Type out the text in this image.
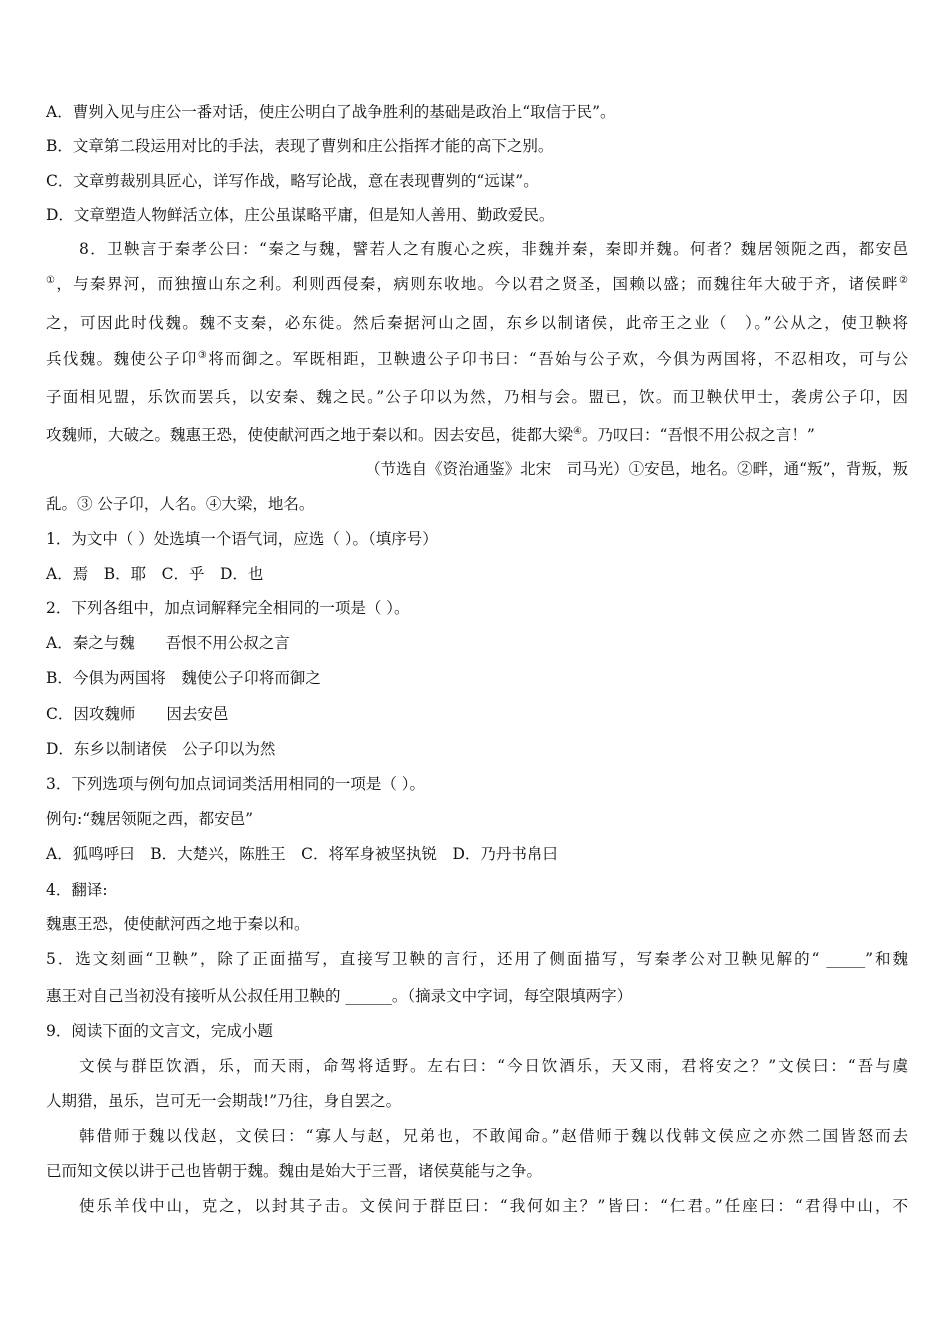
A．曹刿入见与庄公一番对话，使庄公明白了战争胜利的基础是政治上“取信于民”。
B．文章第二段运用对比的手法，表现了曹刿和庄公指挥才能的高下之别。
C．文章剪裁别具匠心，详写作战，略写论战，意在表现曹刿的“远谋”。
D．文章塑造人物鲜活立体，庄公虽谋略平庸，但是知人善用、勤政爱民。
8．卫鞅言于秦孝公曰：“秦之与魏，譬若人之有腹心之疾，非魏并秦，秦即并魏。何者？魏居领阨之西，都安邑
①，与秦界河，而独擅山东之利。利则西侵秦，病则东收地。今以君之贤圣，国赖以盛；而魏往年大破于齐，诸侯畔②
之，可因此时伐魏。魏不支秦，必东徙。然后秦据河山之固，东乡以制诸侯，此帝王之业（　）。”公从之，使卫鞅将
兵伐魏。魏使公子卬③将而御之。军既相距，卫鞅遗公子卬书曰：“吾始与公子欢，今俱为两国将，不忍相攻，可与公
子面相见盟，乐饮而罢兵，以安秦、魏之民。”公子卬以为然，乃相与会。盟已，饮。而卫鞅伏甲士，袭虏公子卬，因
攻魏师，大破之。魏惠王恐，使使献河西之地于秦以和。因去安邑，徙都大梁④。乃叹曰：“吾恨不用公叔之言！”
（节选自《资治通鉴》北宋　司马光）①安邑，地名。②畔，通“叛”，背叛，叛
乱。③ 公子卬，人名。④大梁，地名。
1．为文中（ ）处选填一个语气词，应选（ ）。（填序号）
A．焉　B．耶　C．乎　D．也
2．下列各组中，加点词解释完全相同的一项是（ ）。
A．秦之与魏　　吾恨不用公叔之言
B．今俱为两国将　魏使公子卬将而御之
C．因攻魏师　　因去安邑
D．东乡以制诸侯　公子卬以为然
3．下列选项与例句加点词词类活用相同的一项是（ ）。
例句:“魏居领阨之西，都安邑”
A．狐鸣呼曰　B．大楚兴，陈胜王　C．将军身被坚执锐　D．乃丹书帛曰
4．翻译:
魏惠王恐，使使献河西之地于秦以和。
5．选文刻画“卫鞅”，除了正面描写，直接写卫鞅的言行，还用了侧面描写，写秦孝公对卫鞅见解的“ _____”和魏
惠王对自己当初没有接听从公叔任用卫鞅的 ______。（摘录文中字词，每空限填两字）
9．阅读下面的文言文，完成小题
文侯与群臣饮酒，乐，而天雨，命驾将适野。左右曰：“今日饮酒乐，天又雨，君将安之？”文侯曰：“吾与虞
人期猎，虽乐，岂可无一会期哉!”乃往，身自罢之。
韩借师于魏以伐赵，文侯曰：“寡人与赵，兄弟也，不敢闻命。”赵借师于魏以伐韩文侯应之亦然二国皆怒而去
已而知文侯以讲于己也皆朝于魏。魏由是始大于三晋，诸侯莫能与之争。
使乐羊伐中山，克之，以封其子击。文侯问于群臣曰：“我何如主？”皆曰：“仁君。”任座曰：“君得中山，不
